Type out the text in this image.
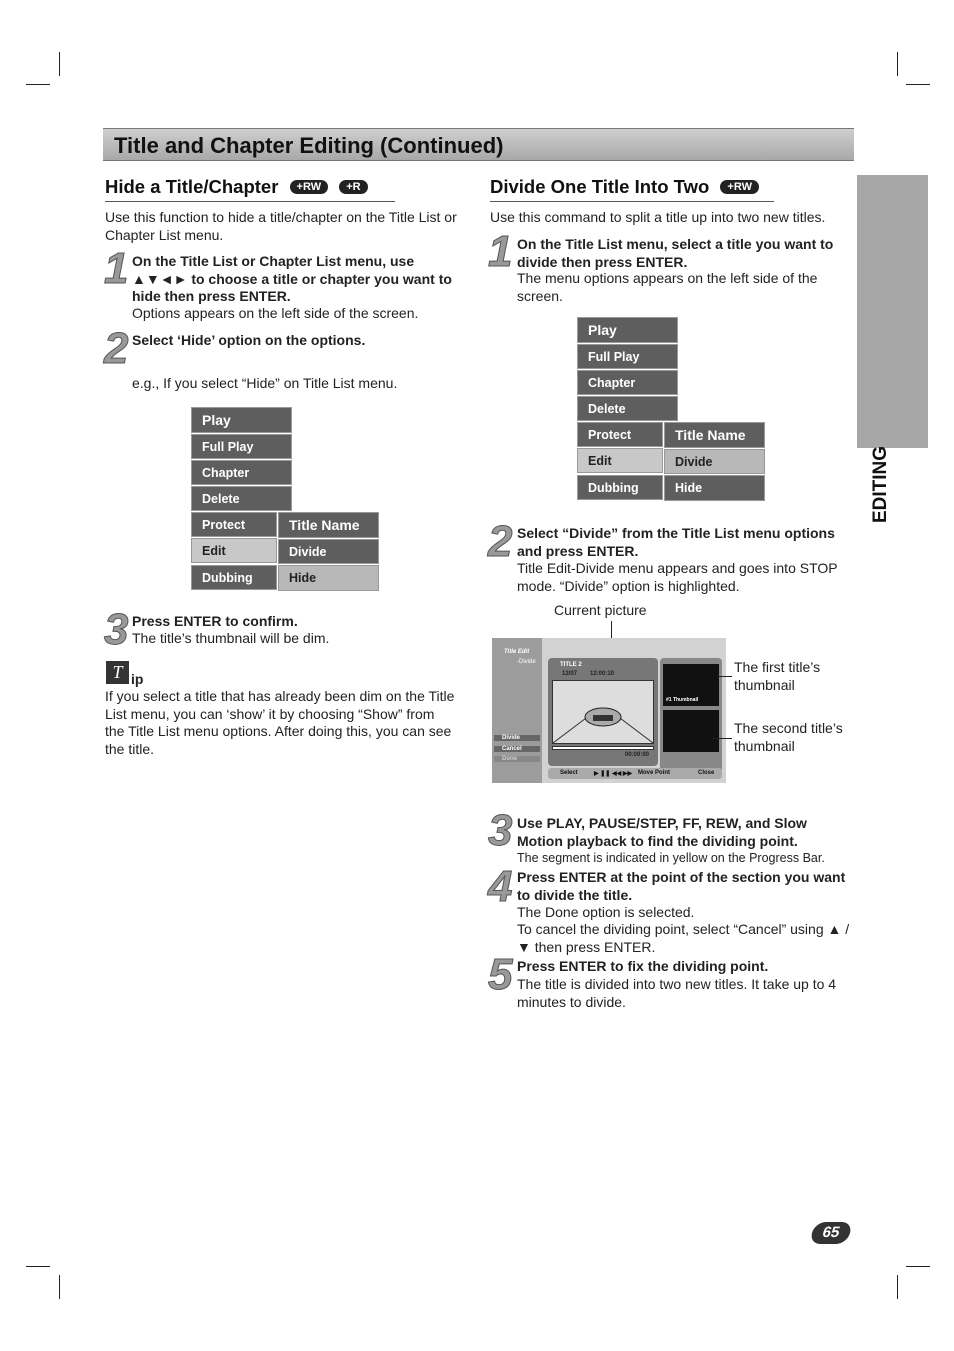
Title and Chapter Editing (Continued)
EDITING
Hide a Title/Chapter +RW +R
Use this function to hide a title/chapter on the Title List or Chapter List menu.
1 On the Title List or Chapter List menu, use ▲▼◄► to choose a title or chapter you want to hide then press ENTER.
Options appears on the left side of the screen.
2 Select ‘Hide’ option on the options.
e.g., If you select “Hide” on Title List menu.
Play
Full Play
Chapter
Delete
Protect
Edit
Dubbing
Title Name
Divide
Hide
3 Press ENTER to confirm.
The title’s thumbnail will be dim.
T ip
If you select a title that has already been dim on the Title List menu, you can ‘show’ it by choosing “Show” from the Title List menu options. After doing this, you can see the title.
Divide One Title Into Two +RW
Use this command to split a title up into two new titles.
1 On the Title List menu, select a title you want to divide then press ENTER.
The menu options appears on the left side of the screen.
Play
Full Play
Chapter
Delete
Protect
Edit
Dubbing
Title Name
Divide
Hide
2 Select “Divide” from the Title List menu options and press ENTER.
Title Edit-Divide menu appears and goes into STOP mode. “Divide” option is highlighted.
Current picture
Title Edit
-Divide
Divide
Cancel
Done
TITLE 2
12/07 12:00:10
00:00:00
#1 Thumbnail
Select	▶ ❚❚ ◀◀ ▶▶ Move Point	Close
The first title’s thumbnail
The second title’s thumbnail
3 Use PLAY, PAUSE/STEP, FF, REW, and Slow Motion playback to find the dividing point.
The segment is indicated in yellow on the Progress Bar.
4 Press ENTER at the point of the section you want to divide the title.
The Done option is selected.
To cancel the dividing point, select “Cancel” using ▲ / ▼ then press ENTER.
5 Press ENTER to fix the dividing point.
The title is divided into two new titles. It take up to 4 minutes to divide.
65
